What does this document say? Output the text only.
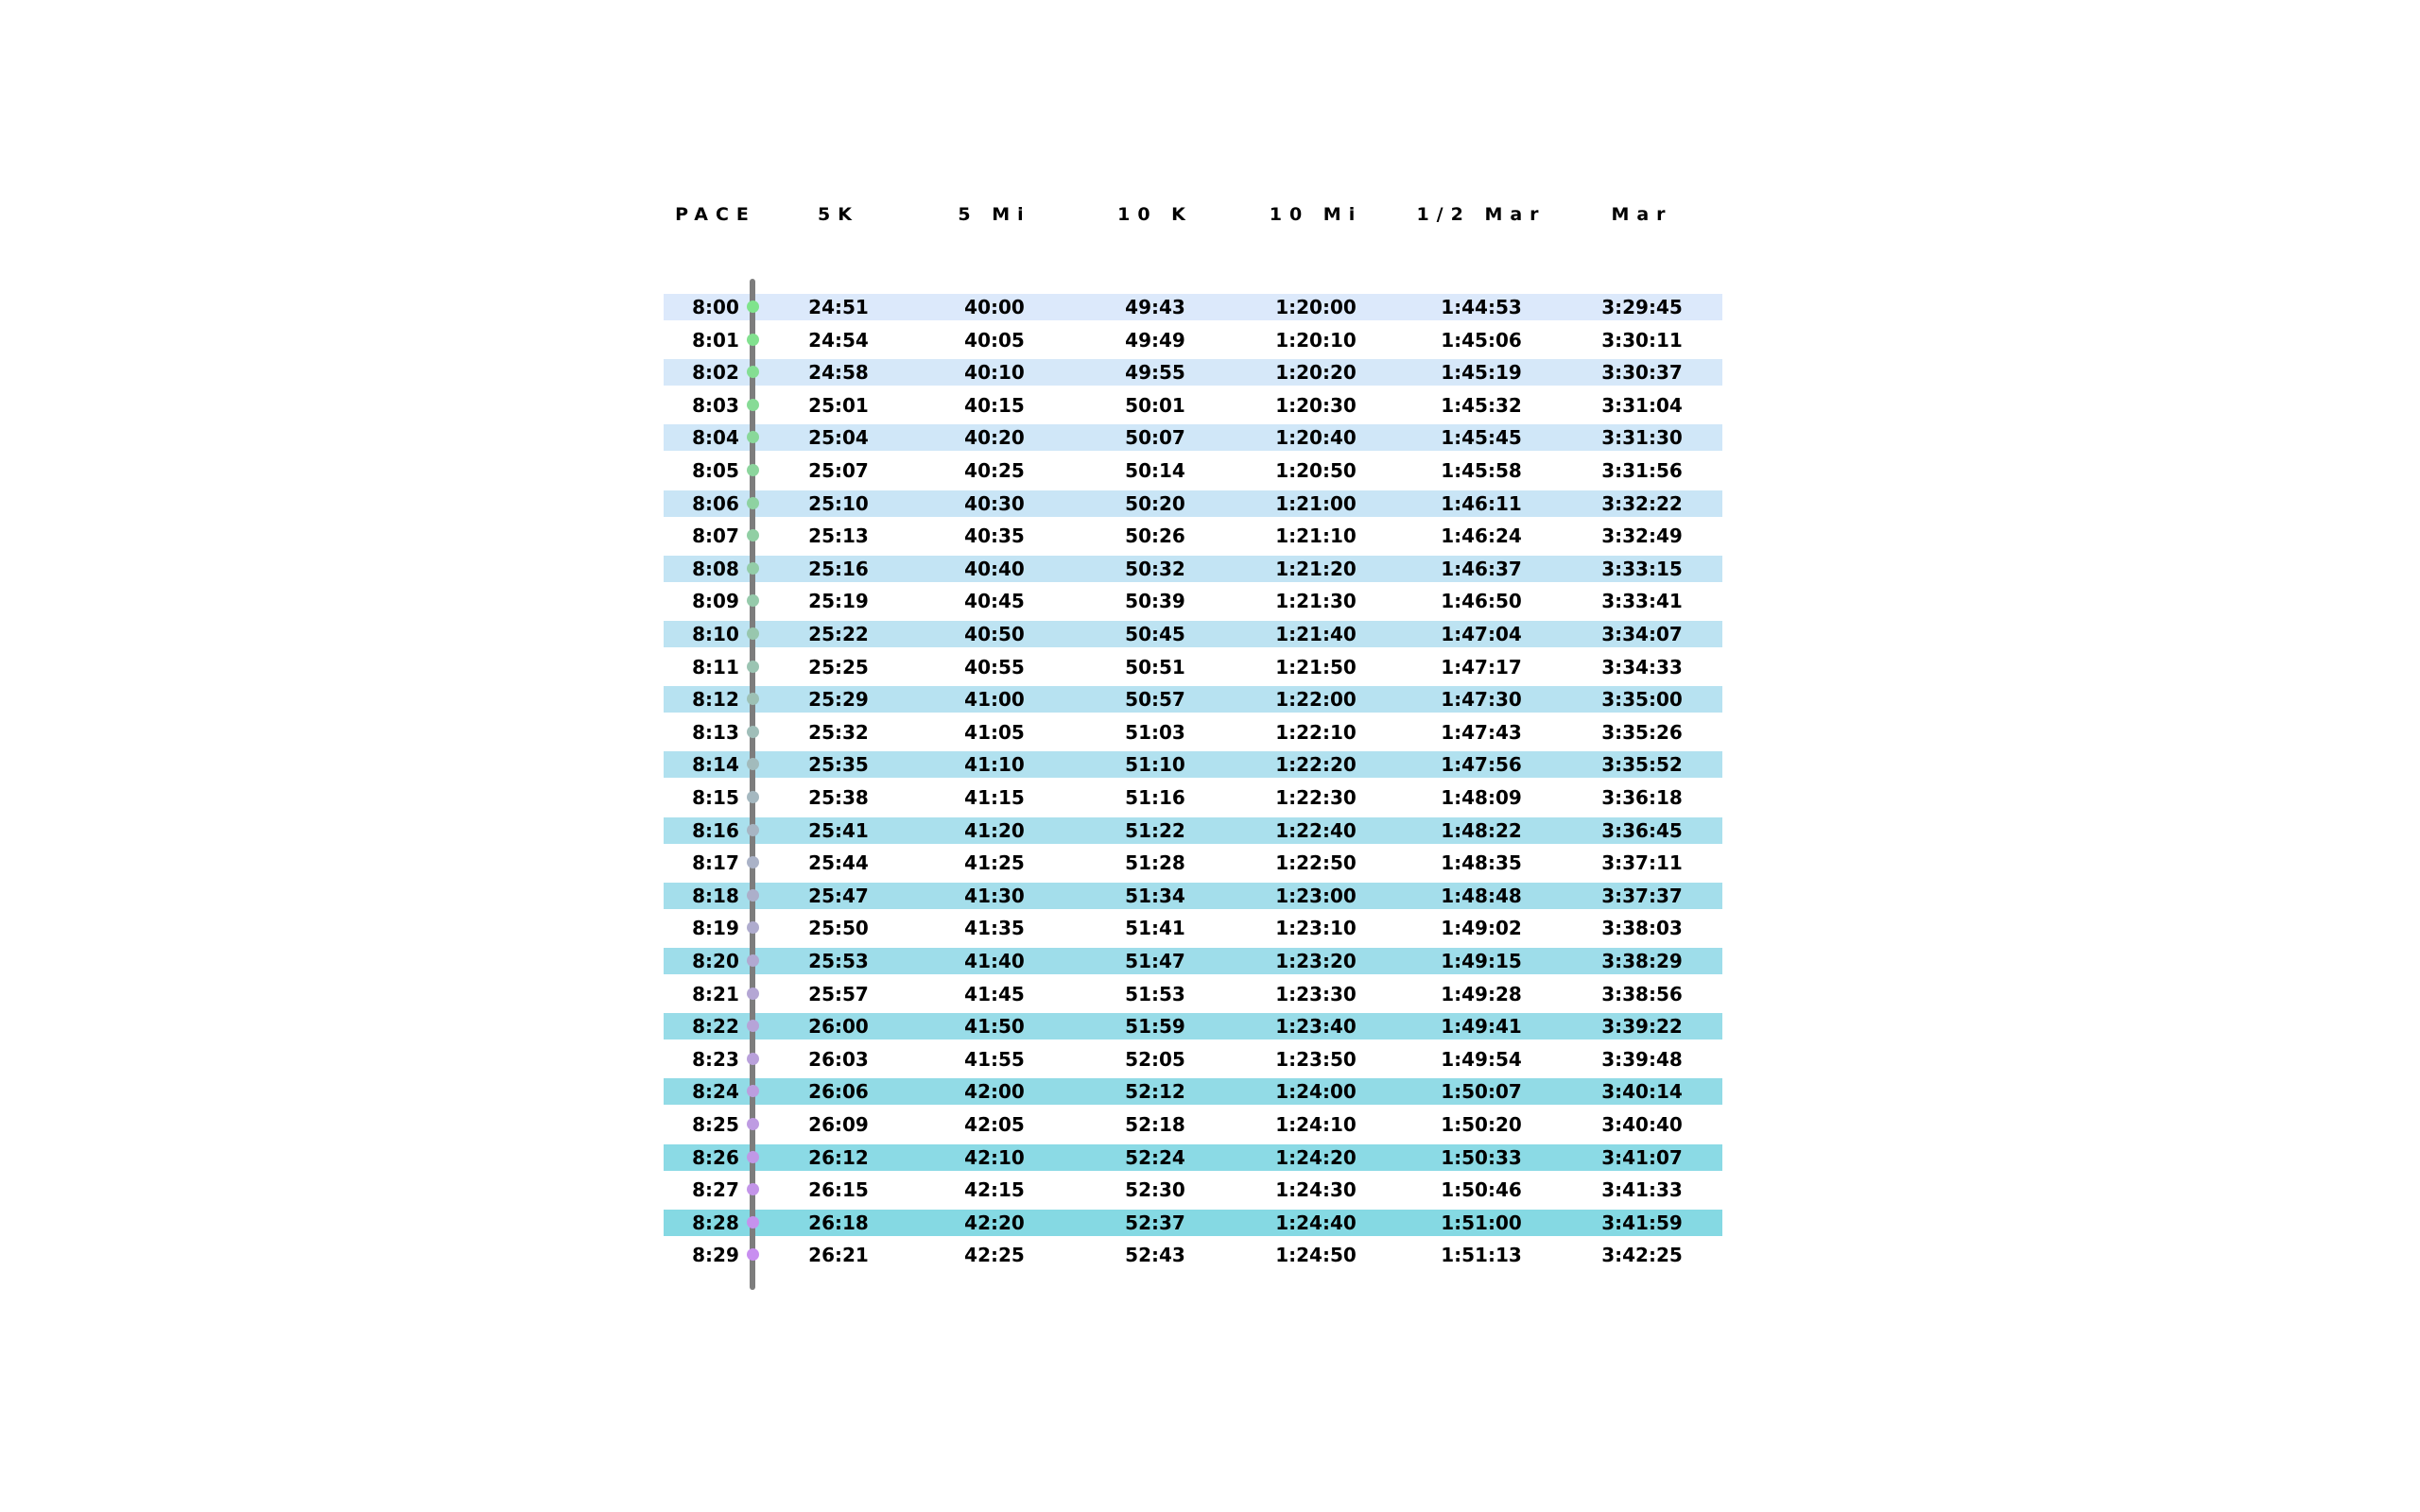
PACE	5K	5 Mi	10 K	10 Mi	1/2 Mar	Mar
8:00	24:51	40:00	49:43	1:20:00	1:44:53	3:29:45
8:01	24:54	40:05	49:49	1:20:10	1:45:06	3:30:11
8:02	24:58	40:10	49:55	1:20:20	1:45:19	3:30:37
8:03	25:01	40:15	50:01	1:20:30	1:45:32	3:31:04
8:04	25:04	40:20	50:07	1:20:40	1:45:45	3:31:30
8:05	25:07	40:25	50:14	1:20:50	1:45:58	3:31:56
8:06	25:10	40:30	50:20	1:21:00	1:46:11	3:32:22
8:07	25:13	40:35	50:26	1:21:10	1:46:24	3:32:49
8:08	25:16	40:40	50:32	1:21:20	1:46:37	3:33:15
8:09	25:19	40:45	50:39	1:21:30	1:46:50	3:33:41
8:10	25:22	40:50	50:45	1:21:40	1:47:04	3:34:07
8:11	25:25	40:55	50:51	1:21:50	1:47:17	3:34:33
8:12	25:29	41:00	50:57	1:22:00	1:47:30	3:35:00
8:13	25:32	41:05	51:03	1:22:10	1:47:43	3:35:26
8:14	25:35	41:10	51:10	1:22:20	1:47:56	3:35:52
8:15	25:38	41:15	51:16	1:22:30	1:48:09	3:36:18
8:16	25:41	41:20	51:22	1:22:40	1:48:22	3:36:45
8:17	25:44	41:25	51:28	1:22:50	1:48:35	3:37:11
8:18	25:47	41:30	51:34	1:23:00	1:48:48	3:37:37
8:19	25:50	41:35	51:41	1:23:10	1:49:02	3:38:03
8:20	25:53	41:40	51:47	1:23:20	1:49:15	3:38:29
8:21	25:57	41:45	51:53	1:23:30	1:49:28	3:38:56
8:22	26:00	41:50	51:59	1:23:40	1:49:41	3:39:22
8:23	26:03	41:55	52:05	1:23:50	1:49:54	3:39:48
8:24	26:06	42:00	52:12	1:24:00	1:50:07	3:40:14
8:25	26:09	42:05	52:18	1:24:10	1:50:20	3:40:40
8:26	26:12	42:10	52:24	1:24:20	1:50:33	3:41:07
8:27	26:15	42:15	52:30	1:24:30	1:50:46	3:41:33
8:28	26:18	42:20	52:37	1:24:40	1:51:00	3:41:59
8:29	26:21	42:25	52:43	1:24:50	1:51:13	3:42:25
